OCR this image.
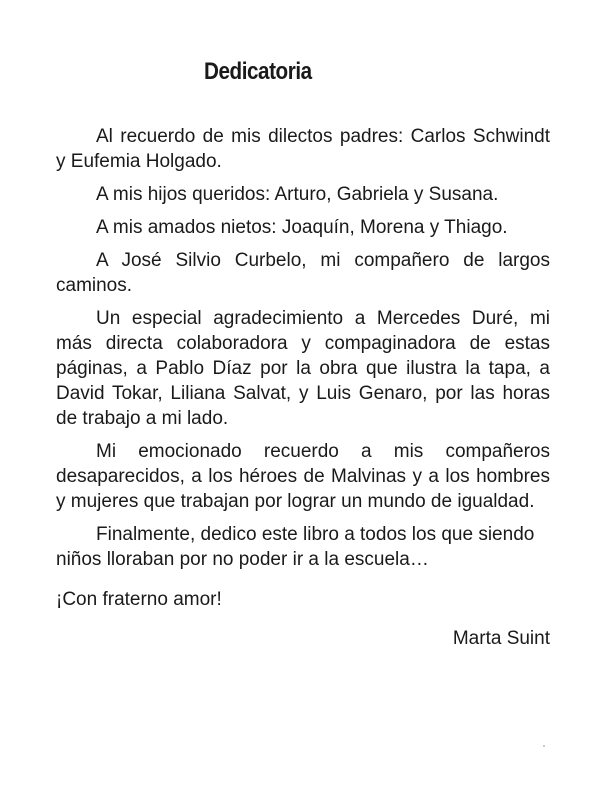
Dedicatoria

Al recuerdo de mis dilectos padres: Carlos Schwindt y Eufemia Holgado.

A mis hijos queridos: Arturo, Gabriela y Susana.

A mis amados nietos: Joaquín, Morena y Thiago.

A José Silvio Curbelo, mi compañero de largos caminos.

Un especial agradecimiento a Mercedes Duré, mi más directa colaboradora y compaginadora de estas páginas, a Pablo Díaz por la obra que ilustra la tapa, a David Tokar, Liliana Salvat, y Luis Genaro, por las horas de trabajo a mi lado.

Mi emocionado recuerdo a mis compañeros desaparecidos, a los héroes de Malvinas y a los hombres y mujeres que trabajan por lograr un mundo de igualdad.

Finalmente, dedico este libro a todos los que siendo niños lloraban por no poder ir a la escuela…

¡Con fraterno amor!

Marta Suint
